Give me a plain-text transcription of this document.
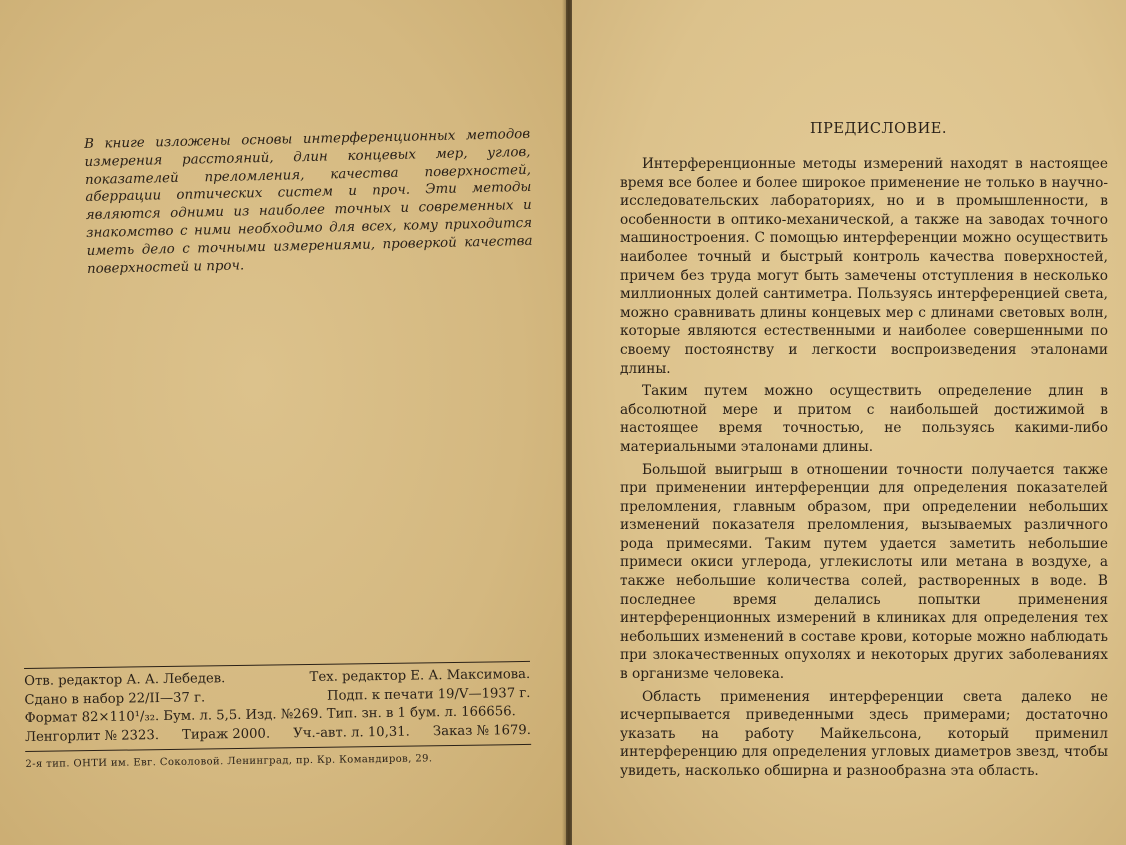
В книге изложены основы интерференционных методов измерения расстояний, длин концевых мер, углов, показателей преломления, качества поверхностей, аберрации оптических систем и проч. Эти методы являются одними из наиболее точных и современных и знакомство с ними необходимо для всех, кому приходится иметь дело с точными измерениями, проверкой качества поверхностей и проч.
Отв. редактор А. А. Лебедев.	Тех. редактор Е. А. Максимова.
Сдано в набор 22/II—37 г.	Подп. к печати 19/V—1937 г.
Формат 82×110¹/₃₂. Бум. л. 5,5. Изд. №269. Тип. зн. в 1 бум. л. 166656.
Ленгорлит № 2323. Тираж 2000. Уч.-авт. л. 10,31. Заказ № 1679.
2-я тип. ОНТИ им. Евг. Соколовой. Ленинград, пр. Кр. Командиров, 29.
ПРЕДИСЛОВИЕ.

Интерференционные методы измерений находят в настоящее время все более и более широкое применение не только в научно-исследовательских лабораториях, но и в промышленности, в особенности в оптико-механической, а также на заводах точного машиностроения. С помощью интерференции можно осуществить наиболее точный и быстрый контроль качества поверхностей, причем без труда могут быть замечены отступления в несколько миллионных долей сантиметра. Пользуясь интерференцией света, можно сравнивать длины концевых мер с длинами световых волн, которые являются естественными и наиболее совершенными по своему постоянству и легкости воспроизведения эталонами длины.

Таким путем можно осуществить определение длин в абсолютной мере и притом с наибольшей достижимой в настоящее время точностью, не пользуясь какими-либо материальными эталонами длины.

Большой выигрыш в отношении точности получается также при применении интерференции для определения показателей преломления, главным образом, при определении небольших изменений показателя преломления, вызываемых различного рода примесями. Таким путем удается заметить небольшие примеси окиси углерода, углекислоты или метана в воздухе, а также небольшие количества солей, растворенных в воде. В последнее время делались попытки применения интерференционных измерений в клиниках для определения тех небольших изменений в составе крови, которые можно наблюдать при злокачественных опухолях и некоторых других заболеваниях в организме человека.

Область применения интерференции света далеко не исчерпывается приведенными здесь примерами; достаточно указать на работу Майкельсона, который применил интерференцию для определения угловых диаметров звезд, чтобы увидеть, насколько обширна и разнообразна эта область.
